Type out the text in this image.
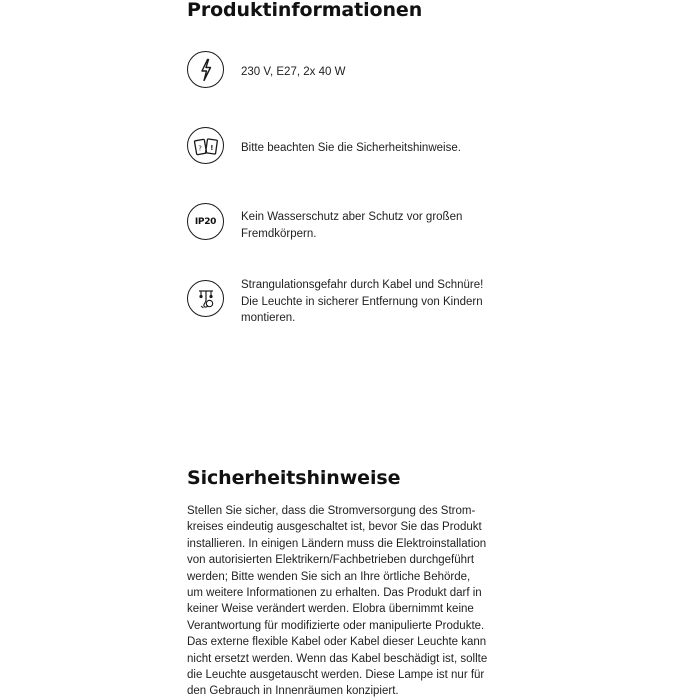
Produktinformationen

230 V, E27, 2x 40 W

? ! Bitte beachten Sie die Sicherheitshinweise.

IP20 Kein Wasserschutz aber Schutz vor großen
Fremdkörpern.

Strangulationsgefahr durch Kabel und Schnüre!
Die Leuchte in sicherer Entfernung von Kindern
montieren.

Sicherheitshinweise

Stellen Sie sicher, dass die Stromversorgung des Strom-
kreises eindeutig ausgeschaltet ist, bevor Sie das Produkt
installieren. In einigen Ländern muss die Elektroinstallation
von autorisierten Elektrikern/Fachbetrieben durchgeführt
werden; Bitte wenden Sie sich an Ihre örtliche Behörde,
um weitere Informationen zu erhalten. Das Produkt darf in
keiner Weise verändert werden. Elobra übernimmt keine
Verantwortung für modifizierte oder manipulierte Produkte.
Das externe flexible Kabel oder Kabel dieser Leuchte kann
nicht ersetzt werden. Wenn das Kabel beschädigt ist, sollte
die Leuchte ausgetauscht werden. Diese Lampe ist nur für
den Gebrauch in Innenräumen konzipiert.
